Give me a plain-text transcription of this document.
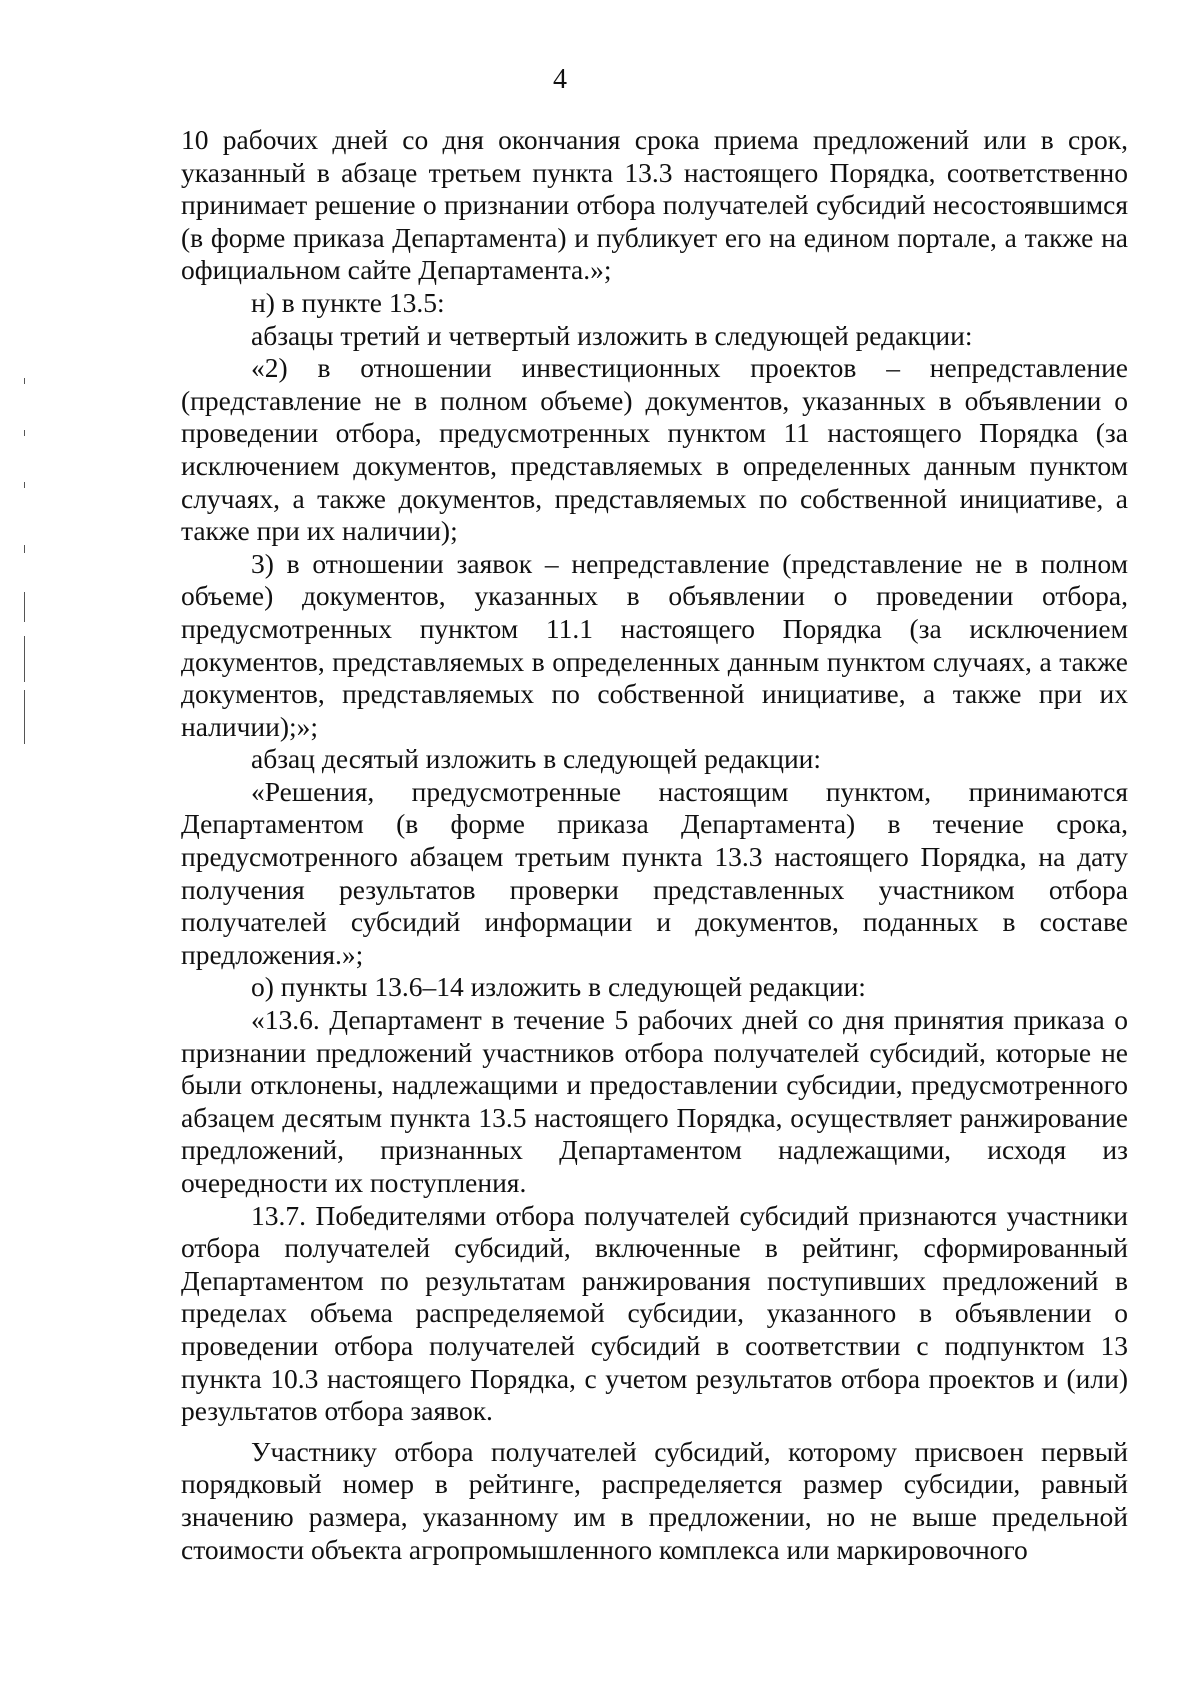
4

10 рабочих дней со дня окончания срока приема предложений или в срок, указанный в абзаце третьем пункта 13.3 настоящего Порядка, соответственно принимает решение о признании отбора получателей субсидий несостоявшимся (в форме приказа Департамента) и публикует его на едином портале, а также на официальном сайте Департамента.»;

н) в пункте 13.5:

абзацы третий и четвертый изложить в следующей редакции:

«2) в отношении инвестиционных проектов – непредставление (представление не в полном объеме) документов, указанных в объявлении о проведении отбора, предусмотренных пунктом 11 настоящего Порядка (за исключением документов, представляемых в определенных данным пунктом случаях, а также документов, представляемых по собственной инициативе, а также при их наличии);

3) в отношении заявок – непредставление (представление не в полном объеме) документов, указанных в объявлении о проведении отбора, предусмотренных пунктом 11.1 настоящего Порядка (за исключением документов, представляемых в определенных данным пунктом случаях, а также документов, представляемых по собственной инициативе, а также при их наличии);»;

абзац десятый изложить в следующей редакции:

«Решения, предусмотренные настоящим пунктом, принимаются Департаментом (в форме приказа Департамента) в течение срока, предусмотренного абзацем третьим пункта 13.3 настоящего Порядка, на дату получения результатов проверки представленных участником отбора получателей субсидий информации и документов, поданных в составе предложения.»;

о) пункты 13.6–14 изложить в следующей редакции:

«13.6. Департамент в течение 5 рабочих дней со дня принятия приказа о признании предложений участников отбора получателей субсидий, которые не были отклонены, надлежащими и предоставлении субсидии, предусмотренного абзацем десятым пункта 13.5 настоящего Порядка, осуществляет ранжирование предложений, признанных Департаментом надлежащими, исходя из очередности их поступления.

13.7. Победителями отбора получателей субсидий признаются участники отбора получателей субсидий, включенные в рейтинг, сформированный Департаментом по результатам ранжирования поступивших предложений в пределах объема распределяемой субсидии, указанного в объявлении о проведении отбора получателей субсидий в соответствии с подпунктом 13 пункта 10.3 настоящего Порядка, с учетом результатов отбора проектов и (или) результатов отбора заявок.

Участнику отбора получателей субсидий, которому присвоен первый порядковый номер в рейтинге, распределяется размер субсидии, равный значению размера, указанному им в предложении, но не выше предельной стоимости объекта агропромышленного комплекса или маркировочного
